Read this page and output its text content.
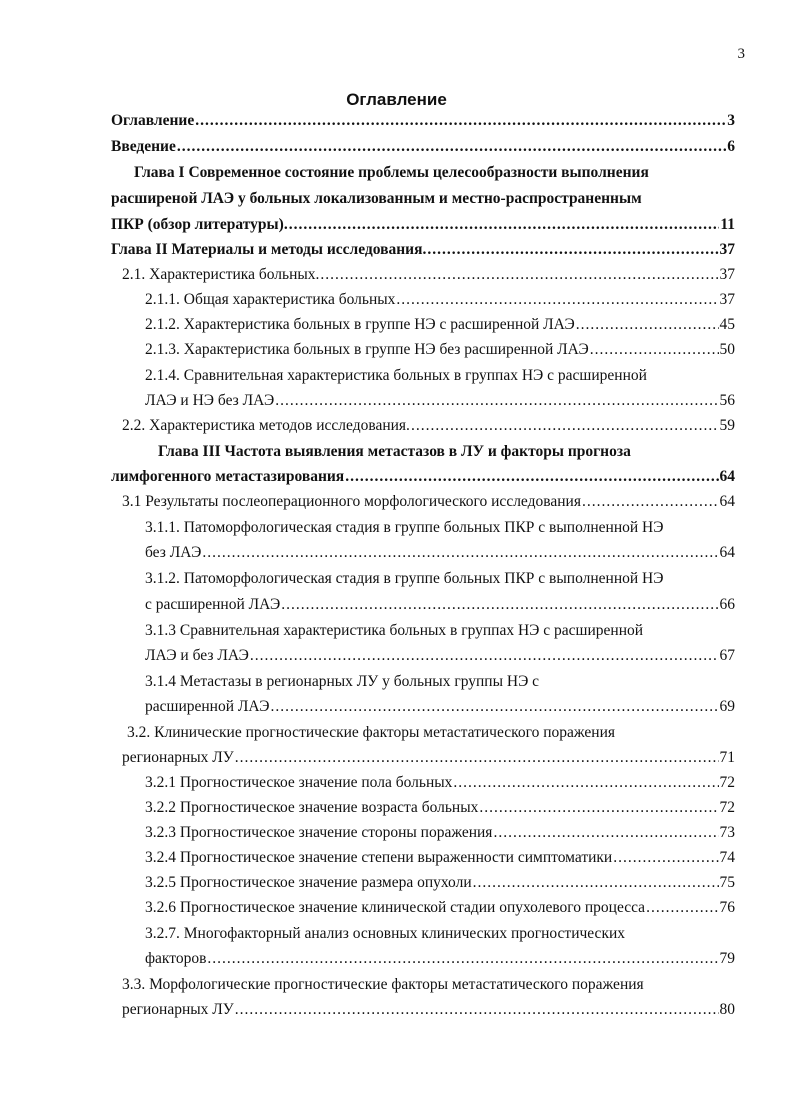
3
Оглавление
Оглавление .....	3
Введение .....	6
Глава I Современное состояние проблемы целесообразности выполнения
расширеной ЛАЭ у больных локализованным и местно-распространенным
ПКР (обзор литературы). .....	11
Глава II Материалы и методы исследования. .....	37
2.1. Характеристика больных. .....	37
2.1.1. Общая характеристика больных .....	37
2.1.2. Характеристика больных в группе НЭ с расширенной ЛАЭ .....	45
2.1.3. Характеристика больных в группе НЭ без расширенной ЛАЭ .....	50
2.1.4. Сравнительная характеристика больных в группах НЭ с расширенной
ЛАЭ и НЭ без ЛАЭ .....	56
2.2. Характеристика методов исследования. .....	59
Глава III Частота выявления метастазов в ЛУ и факторы прогноза
лимфогенного метастазирования .....	64
3.1 Результаты послеоперационного морфологического исследования .....	64
3.1.1. Патоморфологическая стадия в группе больных ПКР с выполненной НЭ
без ЛАЭ .....	64
3.1.2. Патоморфологическая стадия в группе больных ПКР с выполненной НЭ
с расширенной ЛАЭ .....	66
3.1.3 Сравнительная характеристика больных в группах НЭ с расширенной
ЛАЭ и без ЛАЭ .....	67
3.1.4 Метастазы в регионарных ЛУ у больных группы НЭ с
расширенной ЛАЭ .....	69
3.2. Клинические прогностические факторы метастатического поражения
регионарных ЛУ .....	71
3.2.1 Прогностическое значение пола больных .....	72
3.2.2 Прогностическое значение возраста больных .....	72
3.2.3 Прогностическое значение стороны поражения .....	73
3.2.4 Прогностическое значение степени выраженности симптоматики .....	74
3.2.5 Прогностическое значение размера опухоли .....	75
3.2.6 Прогностическое значение клинической стадии опухолевого процесса .....	76
3.2.7. Многофакторный анализ основных клинических прогностических
факторов .....	79
3.3. Морфологические прогностические факторы метастатического поражения
регионарных ЛУ .....	80
